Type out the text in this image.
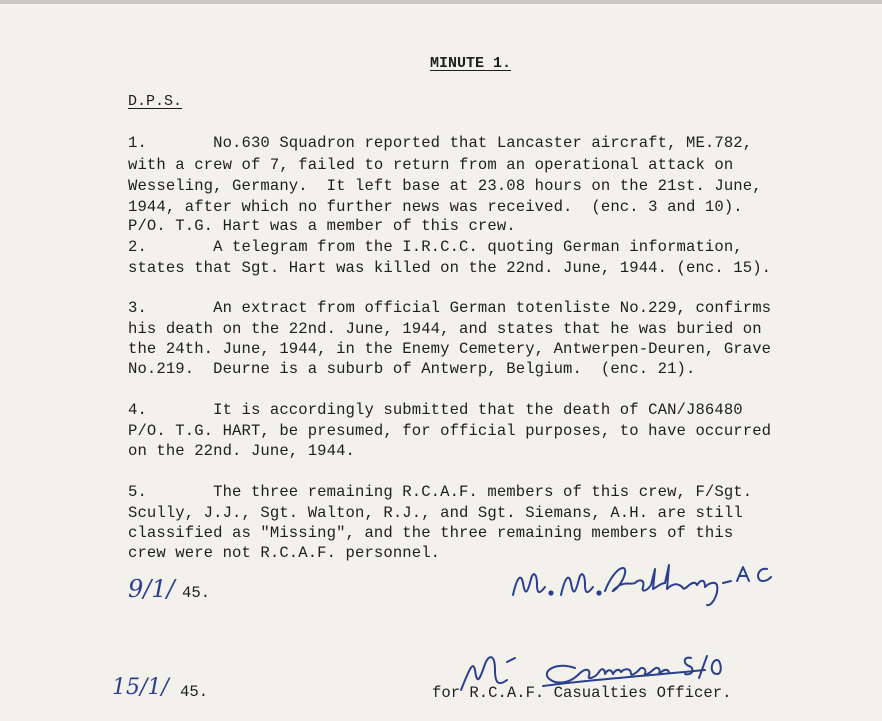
MINUTE 1.
D.P.S.
1.       No.630 Squadron reported that Lancaster aircraft, ME.782,
with a crew of 7, failed to return from an operational attack on
Wesseling, Germany.  It left base at 23.08 hours on the 21st. June,
1944, after which no further news was received.  (enc. 3 and 10).
P/O. T.G. Hart was a member of this crew.
2.       A telegram from the I.R.C.C. quoting German information,
states that Sgt. Hart was killed on the 22nd. June, 1944. (enc. 15).
3.       An extract from official German totenliste No.229, confirms
his death on the 22nd. June, 1944, and states that he was buried on
the 24th. June, 1944, in the Enemy Cemetery, Antwerpen-Deuren, Grave
No.219.  Deurne is a suburb of Antwerp, Belgium.  (enc. 21).
4.       It is accordingly submitted that the death of CAN/J86480
P/O. T.G. HART, be presumed, for official purposes, to have occurred
on the 22nd. June, 1944.
5.       The three remaining R.C.A.F. members of this crew, F/Sgt.
Scully, J.J., Sgt. Walton, R.J., and Sgt. Siemans, A.H. are still
classified as "Missing", and the three remaining members of this
crew were not R.C.A.F. personnel.
9/1/ 45.
15/1/ 45.	for R.C.A.F. Casualties Officer.
